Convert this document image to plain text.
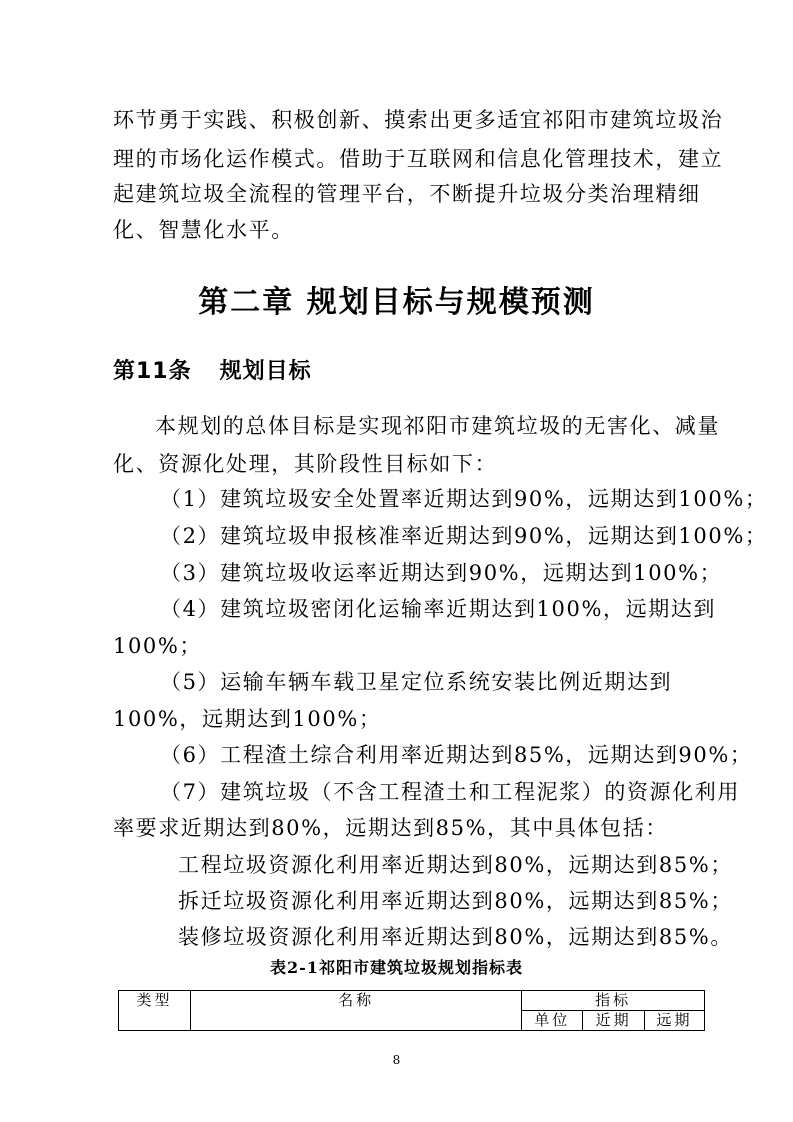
环节勇于实践、积极创新、摸索出更多适宜祁阳市建筑垃圾治
理的市场化运作模式。借助于互联网和信息化管理技术，建立
起建筑垃圾全流程的管理平台，不断提升垃圾分类治理精细
化、智慧化水平。
第二章 规划目标与规模预测
第11条 规划目标
本规划的总体目标是实现祁阳市建筑垃圾的无害化、减量
化、资源化处理，其阶段性目标如下：
（1）建筑垃圾安全处置率近期达到90%，远期达到100%；
（2）建筑垃圾申报核准率近期达到90%，远期达到100%；
（3）建筑垃圾收运率近期达到90%，远期达到100%；
（4）建筑垃圾密闭化运输率近期达到100%，远期达到
100%；
（5）运输车辆车载卫星定位系统安装比例近期达到
100%，远期达到100%；
（6）工程渣土综合利用率近期达到85%，远期达到90%；
（7）建筑垃圾（不含工程渣土和工程泥浆）的资源化利用
率要求近期达到80%，远期达到85%，其中具体包括：
工程垃圾资源化利用率近期达到80%，远期达到85%；
拆迁垃圾资源化利用率近期达到80%，远期达到85%；
装修垃圾资源化利用率近期达到80%，远期达到85%。
表2-1祁阳市建筑垃圾规划指标表
类型	名称	指标		
		单位	近期	远期
8
